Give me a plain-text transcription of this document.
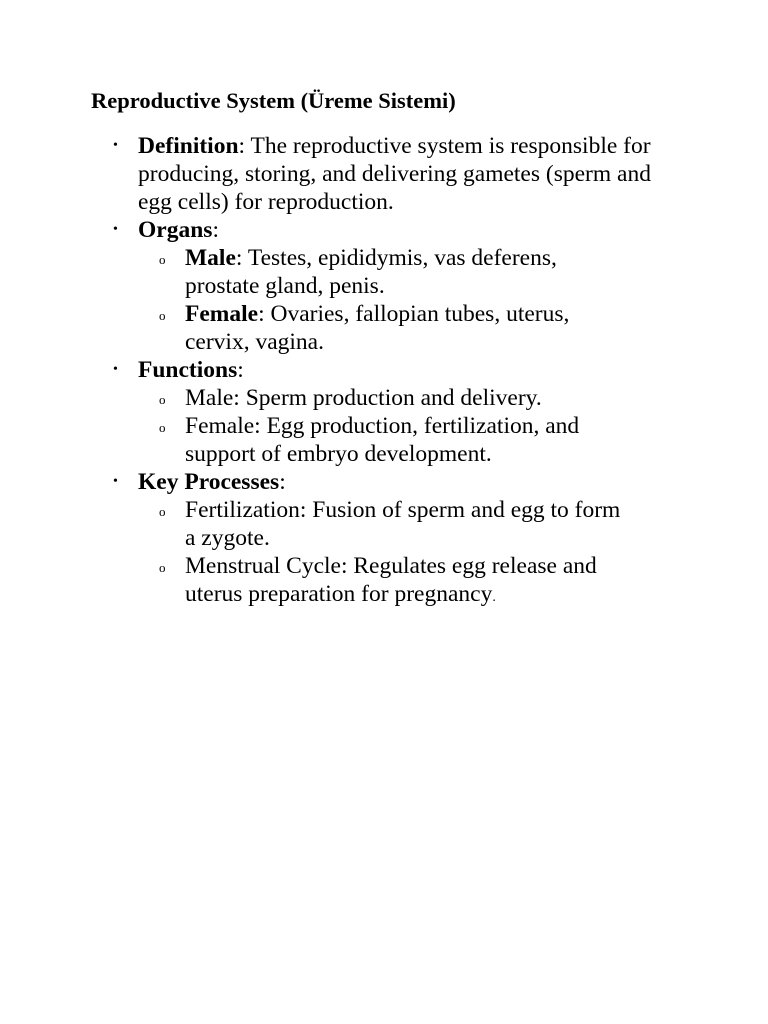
Reproductive System (Üreme Sistemi)
• Definition: The reproductive system is responsible for producing, storing, and delivering gametes (sperm and egg cells) for reproduction.
• Organs:
o Male: Testes, epididymis, vas deferens, prostate gland, penis.
o Female: Ovaries, fallopian tubes, uterus, cervix, vagina.
• Functions:
o Male: Sperm production and delivery.
o Female: Egg production, fertilization, and support of embryo development.
• Key Processes:
o Fertilization: Fusion of sperm and egg to form a zygote.
o Menstrual Cycle: Regulates egg release and uterus preparation for pregnancy.
